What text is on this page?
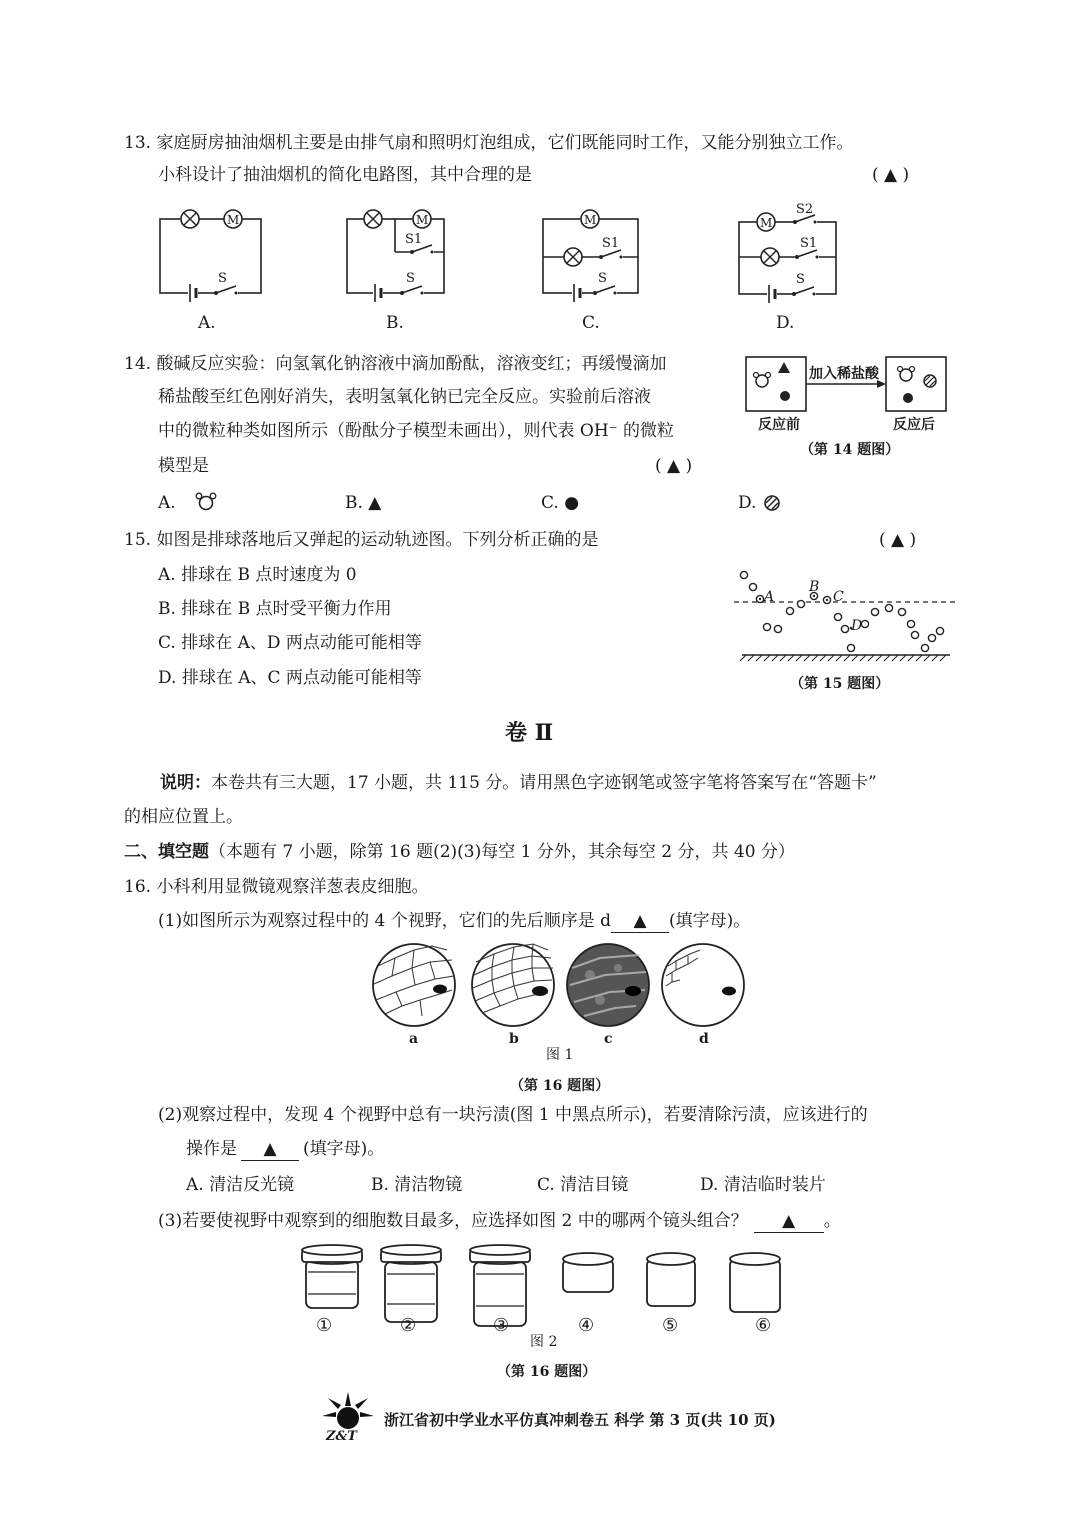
13. 家庭厨房抽油烟机主要是由排气扇和照明灯泡组成，它们既能同时工作，又能分别独立工作。
小科设计了抽油烟机的简化电路图，其中合理的是	( ▲ )
M
S
M
S1
S
M
S1
S
M
S2
S1
S
A.	B.	C.	D.
14. 酸碱反应实验：向氢氧化钠溶液中滴加酚酞，溶液变红；再缓慢滴加
稀盐酸至红色刚好消失，表明氢氧化钠已完全反应。实验前后溶液
中的微粒种类如图所示（酚酞分子模型未画出），则代表 OH⁻ 的微粒
模型是	( ▲ )
加入稀盐酸
反应前	反应后
（第 14 题图）
A.	B. ▲	C. ●	D.
15. 如图是排球落地后又弹起的运动轨迹图。下列分析正确的是	( ▲ )
A. 排球在 B 点时速度为 0
B. 排球在 B 点时受平衡力作用
C. 排球在 A、D 两点动能可能相等
D. 排球在 A、C 两点动能可能相等
A
B
C
D
（第 15 题图）
卷 Ⅱ
说明：本卷共有三大题，17 小题，共 115 分。请用黑色字迹钢笔或签字笔将答案写在“答题卡”
的相应位置上。
二、填空题（本题有 7 小题，除第 16 题(2)(3)每空 1 分外，其余每空 2 分，共 40 分）
16. 小科利用显微镜观察洋葱表皮细胞。
(1)如图所示为观察过程中的 4 个视野，它们的先后顺序是 d ▲ (填字母)。
a	b	c	d
图 1
（第 16 题图）
(2)观察过程中，发现 4 个视野中总有一块污渍(图 1 中黑点所示)，若要清除污渍，应该进行的
操作是 ▲ (填字母)。
A. 清洁反光镜	B. 清洁物镜	C. 清洁目镜	D. 清洁临时装片
(3)若要使视野中观察到的细胞数目最多，应选择如图 2 中的哪两个镜头组合？ ▲ 。
①	②	③	④	⑤	⑥
图 2
（第 16 题图）
Z&T
浙江省初中学业水平仿真冲刺卷五 科学 第 3 页(共 10 页)
